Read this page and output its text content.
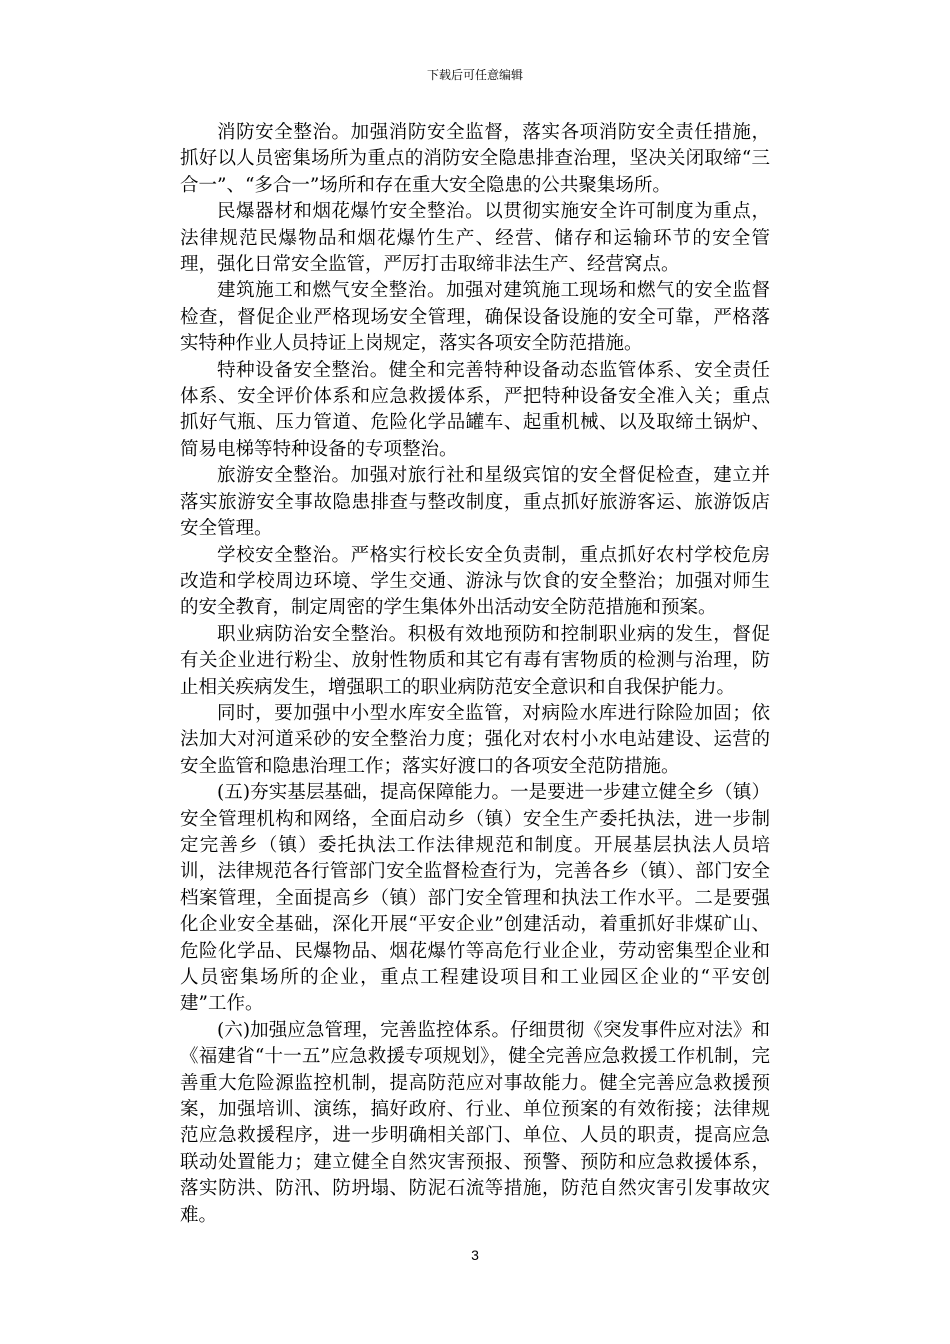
下载后可任意编辑

消防安全整治。加强消防安全监督，落实各项消防安全责任措施，抓好以人员密集场所为重点的消防安全隐患排查治理，坚决关闭取缔“三合一”、“多合一”场所和存在重大安全隐患的公共聚集场所。

民爆器材和烟花爆竹安全整治。以贯彻实施安全许可制度为重点，法律规范民爆物品和烟花爆竹生产、经营、储存和运输环节的安全管理，强化日常安全监管，严厉打击取缔非法生产、经营窝点。

建筑施工和燃气安全整治。加强对建筑施工现场和燃气的安全监督检查，督促企业严格现场安全管理，确保设备设施的安全可靠，严格落实特种作业人员持证上岗规定，落实各项安全防范措施。

特种设备安全整治。健全和完善特种设备动态监管体系、安全责任体系、安全评价体系和应急救援体系，严把特种设备安全准入关；重点抓好气瓶、压力管道、危险化学品罐车、起重机械、以及取缔土锅炉、简易电梯等特种设备的专项整治。

旅游安全整治。加强对旅行社和星级宾馆的安全督促检查，建立并落实旅游安全事故隐患排查与整改制度，重点抓好旅游客运、旅游饭店安全管理。

学校安全整治。严格实行校长安全负责制，重点抓好农村学校危房改造和学校周边环境、学生交通、游泳与饮食的安全整治；加强对师生的安全教育，制定周密的学生集体外出活动安全防范措施和预案。

职业病防治安全整治。积极有效地预防和控制职业病的发生，督促有关企业进行粉尘、放射性物质和其它有毒有害物质的检测与治理，防止相关疾病发生，增强职工的职业病防范安全意识和自我保护能力。

同时，要加强中小型水库安全监管，对病险水库进行除险加固；依法加大对河道采砂的安全整治力度；强化对农村小水电站建设、运营的安全监管和隐患治理工作；落实好渡口的各项安全范防措施。

(五)夯实基层基础，提高保障能力。一是要进一步建立健全乡（镇）安全管理机构和网络，全面启动乡（镇）安全生产委托执法，进一步制定完善乡（镇）委托执法工作法律规范和制度。开展基层执法人员培训，法律规范各行管部门安全监督检查行为，完善各乡（镇）、部门安全档案管理，全面提高乡（镇）部门安全管理和执法工作水平。二是要强化企业安全基础，深化开展“平安企业”创建活动，着重抓好非煤矿山、危险化学品、民爆物品、烟花爆竹等高危行业企业，劳动密集型企业和人员密集场所的企业，重点工程建设项目和工业园区企业的“平安创建”工作。

(六)加强应急管理，完善监控体系。仔细贯彻《突发事件应对法》和《福建省“十一五”应急救援专项规划》，健全完善应急救援工作机制，完善重大危险源监控机制，提高防范应对事故能力。健全完善应急救援预案，加强培训、演练，搞好政府、行业、单位预案的有效衔接；法律规范应急救援程序，进一步明确相关部门、单位、人员的职责，提高应急联动处置能力；建立健全自然灾害预报、预警、预防和应急救援体系，落实防洪、防汛、防坍塌、防泥石流等措施，防范自然灾害引发事故灾难。

3
